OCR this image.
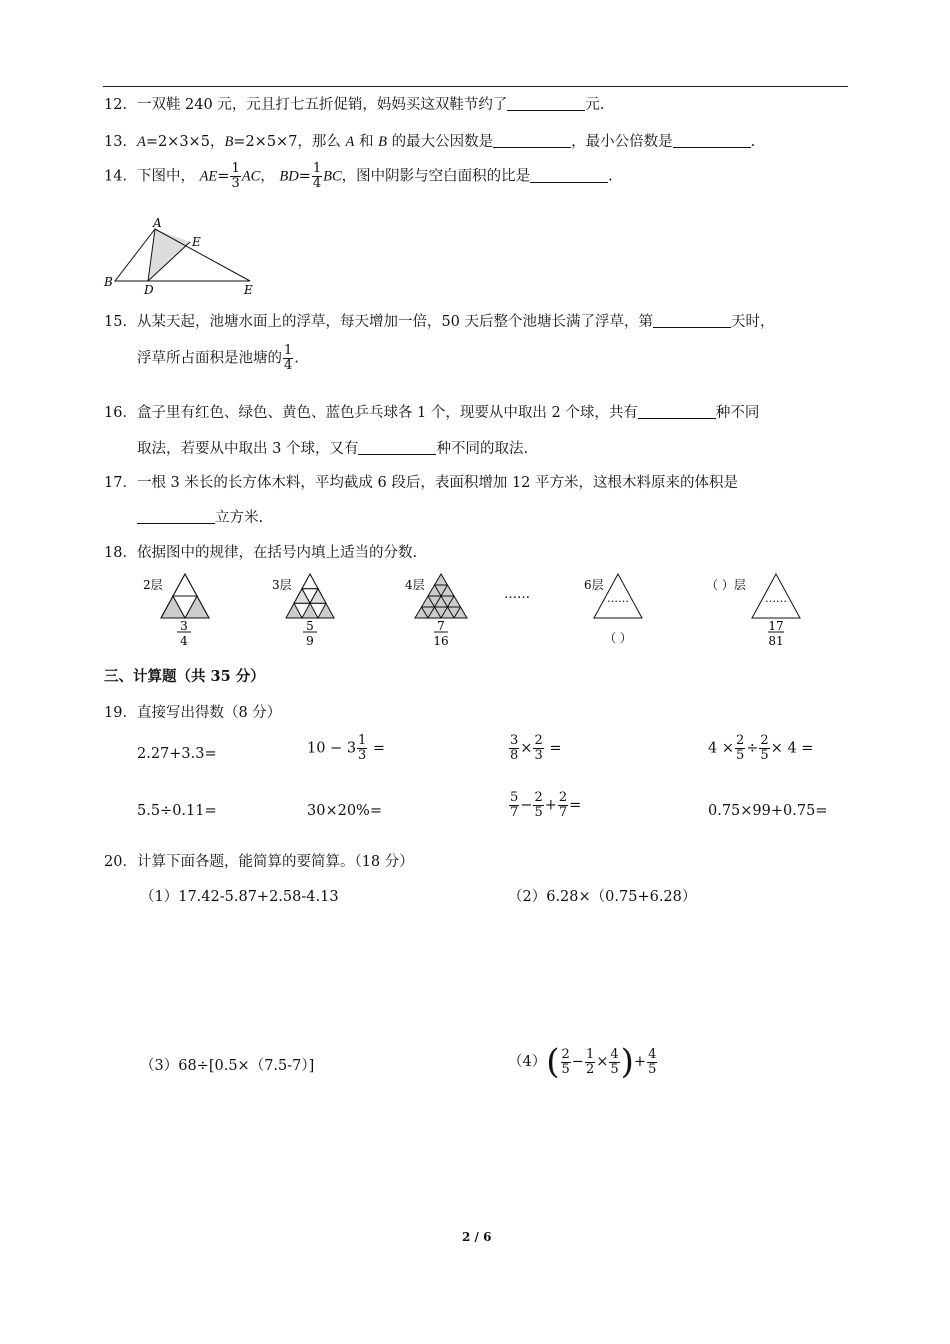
12．一双鞋 240 元，元且打七五折促销，妈妈买这双鞋节约了	元.
13．A=2×3×5，B=2×5×7，那么 A 和 B 的最大公因数是	，最小公倍数是	.
14．下图中， $AE= \frac{1}{3}$ AC， $BD= \frac{1}{4}$ BC，图中阴影与空白面积的比是	.
A
E
B
D	E
15．从某天起，池塘水面上的浮草，每天增加一倍，50 天后整个池塘长满了浮草，第	天时，
浮草所占面积是池塘的 $\frac{1}{4}$ .
16．盒子里有红色、绿色、黄色、蓝色乒乓球各 1 个，现要从中取出 2 个球，共有	种不同
取法，若要从中取出 3 个球，又有	种不同的取法.
17．一根 3 米长的长方体木料，平均截成 6 段后，表面积增加 12 平方米，这根木料原来的体积是
立方米.
18．依据图中的规律，在括号内填上适当的分数.
2层
3
4
3层
5
9
4层
7
16
……
6层
……
（ ）
（ ）层
……
17
81
三、计算题（共 35 分）
19．直接写出得数（8 分）
2.27+3.3=	$10 - 3 \frac{1}{3}$ =	$\frac{3}{8} \times \frac{2}{3}$ =	$4 \times \frac{2}{5} \div \frac{2}{5} \times 4$ =
5.5÷0.11=	30×20%=	$\frac{5}{7} - \frac{2}{5} + \frac{2}{7}$ =	0.75×99+0.75=
20．计算下面各题，能简算的要简算。（18 分）
（1）17.42-5.87+2.58-4.13	（2）6.28×（0.75+6.28）
（3）68÷[0.5×（7.5-7）]	$(4)( \frac{2}{5} - \frac{1}{2} \times \frac{4}{5}$ )+ $\frac{4}{5}$
2 / 6
